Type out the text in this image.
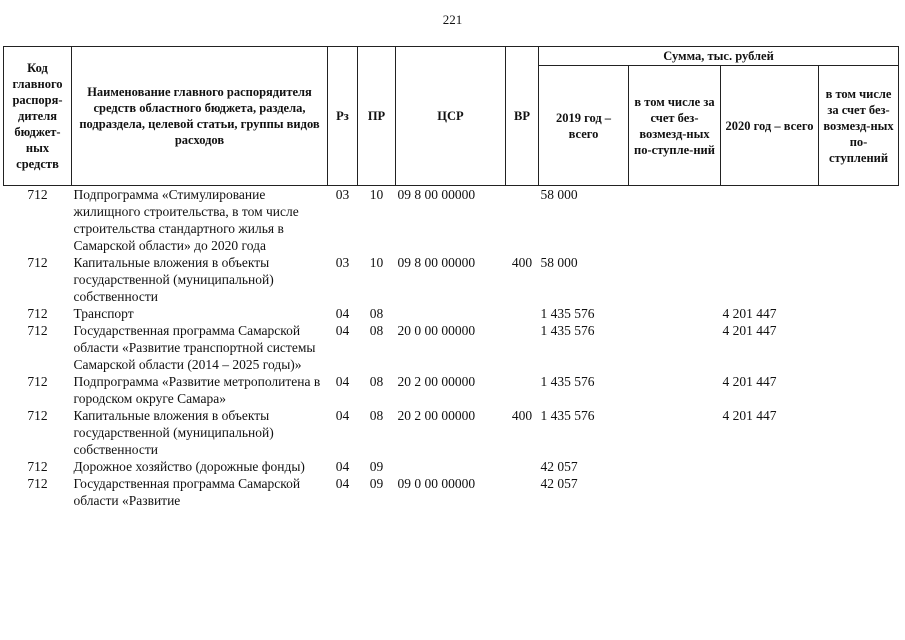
221
Код главного распоря-дителя бюджет-ных средств	Наименование главного распорядителя средств областного бюджета, раздела, подраздела, целевой статьи, группы видов расходов	Рз	ПР	ЦСР	ВР	Сумма, тыс. рублей			
						2019 год – всего	в том числе за счет без-возмезд-ных по-ступле-ний	2020 год – всего	в том числе за счет без-возмезд-ных по-ступлений
712	Подпрограмма «Стимулирование жилищного строительства, в том числе строительства стандартного жилья в Самарской области» до 2020 года	03	10	09 8 00 00000		58 000			
712	Капитальные вложения в объекты государственной (муниципальной) собственности	03	10	09 8 00 00000	400	58 000			
712	Транспорт	04	08			1 435 576		4 201 447	
712	Государственная программа Самарской области «Развитие транспортной системы Самарской области (2014 – 2025 годы)»	04	08	20 0 00 00000		1 435 576		4 201 447	
712	Подпрограмма «Развитие метрополитена в городском округе Самара»	04	08	20 2 00 00000		1 435 576		4 201 447	
712	Капитальные вложения в объекты государственной (муниципальной) собственности	04	08	20 2 00 00000	400	1 435 576		4 201 447	
712	Дорожное хозяйство (дорожные фонды)	04	09			42 057			
712	Государственная программа Самарской области «Развитие	04	09	09 0 00 00000		42 057			
